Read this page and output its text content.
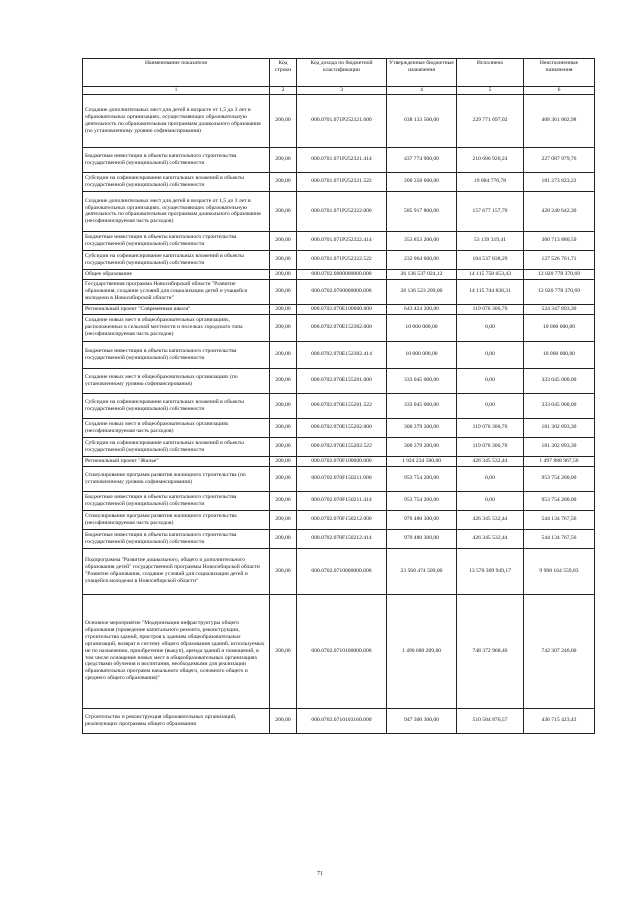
Наименование показателя	Код строки	Код дохода по бюджетной классификации	Утвержденные бюджетные назначения	Исполнено	Неисполненные назначения
1	2	3	4	5	6
Создание дополнительных мест для детей в возрасте от 1,5 до 3 лет в образовательных организациях, осуществляющих образовательную деятельность по образовательным программам дошкольного образования (по установленному уровню софинансирования)	200,00	000.0701.071P252321.000	638 133 500,00	229 771 697,02	408 361 802,98
Бюджетные инвестиции в объекты капитального строительства государственной (муниципальной) собственности	200,00	000.0701.071P252321.414	437 774 900,00	210 686 920,24	227 087 979,76
Субсидии на софинансирование капитальных вложений в объекты государственной (муниципальной) собственности	200,00	000.0701.071P252321.522	200 358 600,00	19 084 776,78	181 273 823,22
Создание дополнительных мест для детей в возрасте от 1,5 до 3 лет в образовательных организациях, осуществляющих образовательную деятельность по образовательным программам дошкольного образования (несофинансируемая часть расходов)	200,00	000.0701.071P252322.000	585 917 800,00	157 677 157,70	428 240 642,30
Бюджетные инвестиции в объекты капитального строительства государственной (муниципальной) собственности	200,00	000.0701.071P252322.414	353 853 200,00	53 139 319,41	300 713 880,59
Субсидии на софинансирование капитальных вложений в объекты государственной (муниципальной) собственности	200,00	000.0701.071P252322.522	232 064 600,00	104 537 838,29	127 526 761,71
Общее образование	200,00	000.0702.0000000000.000	26 136 537 024,12	14 115 758 653,43	12 020 778 370,69
Государственная программа Новосибирской области "Развитие образования, создание условий для социализации детей и учащейся молодежи в Новосибирской области"	200,00	000.0702.0700000000.000	26 136 523 209,00	14 115 744 838,31	12 020 778 370,69
Региональный проект "Современная школа"	200,00	000.0702.070E100000.000	643 424 200,00	119 076 306,70	524 347 893,30
Создание новых мест в общеобразовательных организациях, расположенных в сельской местности и поселках городского типа (несофинансируемая часть расходов)	200,00	000.0702.070E152302.000	10 000 000,00	0,00	10 000 000,00
Бюджетные инвестиции в объекты капитального строительства государственной (муниципальной) собственности	200,00	000.0702.070E152302.414	10 000 000,00	0,00	10 000 000,00
Создание новых мест в общеобразовательных организациях (по установленному уровню софинансирования)	200,00	000.0702.070E155201.000	333 045 000,00	0,00	333 045 000,00
Субсидии на софинансирование капитальных вложений в объекты государственной (муниципальной) собственности	200,00	000.0702.070E155201.522	333 045 000,00	0,00	333 045 000,00
Создание новых мест в общеобразовательных организациях (несофинансируемая часть расходов)	200,00	000.0702.070E155202.000	300 379 200,00	119 076 306,70	181 302 893,30
Субсидии на софинансирование капитальных вложений в объекты государственной (муниципальной) собственности	200,00	000.0702.070E155202.522	300 379 200,00	119 076 306,70	181 302 893,30
Региональный проект "Жилье"	200,00	000.0702.070F100000.000	1 924 234 500,00	426 345 532,44	1 497 888 967,56
Стимулирование программ развития жилищного строительства (по установленному уровню софинансирования)	200,00	000.0702.070F150211.000	953 754 200,00	0,00	953 754 200,00
Бюджетные инвестиции в объекты капитального строительства государственной (муниципальной) собственности	200,00	000.0702.070F150211.414	953 754 200,00	0,00	953 754 200,00
Стимулирование программ развития жилищного строительства (несофинансируемая часть расходов)	200,00	000.0702.070F150212.000	970 480 300,00	426 345 532,44	544 134 767,56
Бюджетные инвестиции в объекты капитального строительства государственной (муниципальной) собственности	200,00	000.0702.070F150212.414	970 480 300,00	426 345 532,44	544 134 767,56
Подпрограмма "Развитие дошкольного, общего и дополнительного образования детей" государственной программы Новосибирской области "Развитие образования, создание условий для социализации детей и учащейся молодежи в Новосибирской области"	200,00	000.0702.0710000000.000	23 568 474 509,00	13 570 309 949,17	9 998 164 559,83
Основное мероприятие "Модернизация инфраструктуры общего образования (проведение капитального ремонта, реконструкции, строительства зданий, пристроя к зданиям общеобразовательных организаций, возврат в систему общего образования зданий, используемых не по назначению, приобретение (выкуп), аренда зданий и помещений, в том числе оснащение новых мест в общеобразовательных организациях средствами обучения и воспитания, необходимыми для реализации образовательных программ начального общего, основного общего и среднего общего образования)"	200,00	000.0702.0710100000.000	1 490 680 209,00	748 372 968,40	742 307 240,60
Строительство и реконструкция образовательных организаций, реализующих программы общего образования	200,00	000.0702.0710103160.000	947 300 300,00	510 584 876,57	436 715 423,43
71
